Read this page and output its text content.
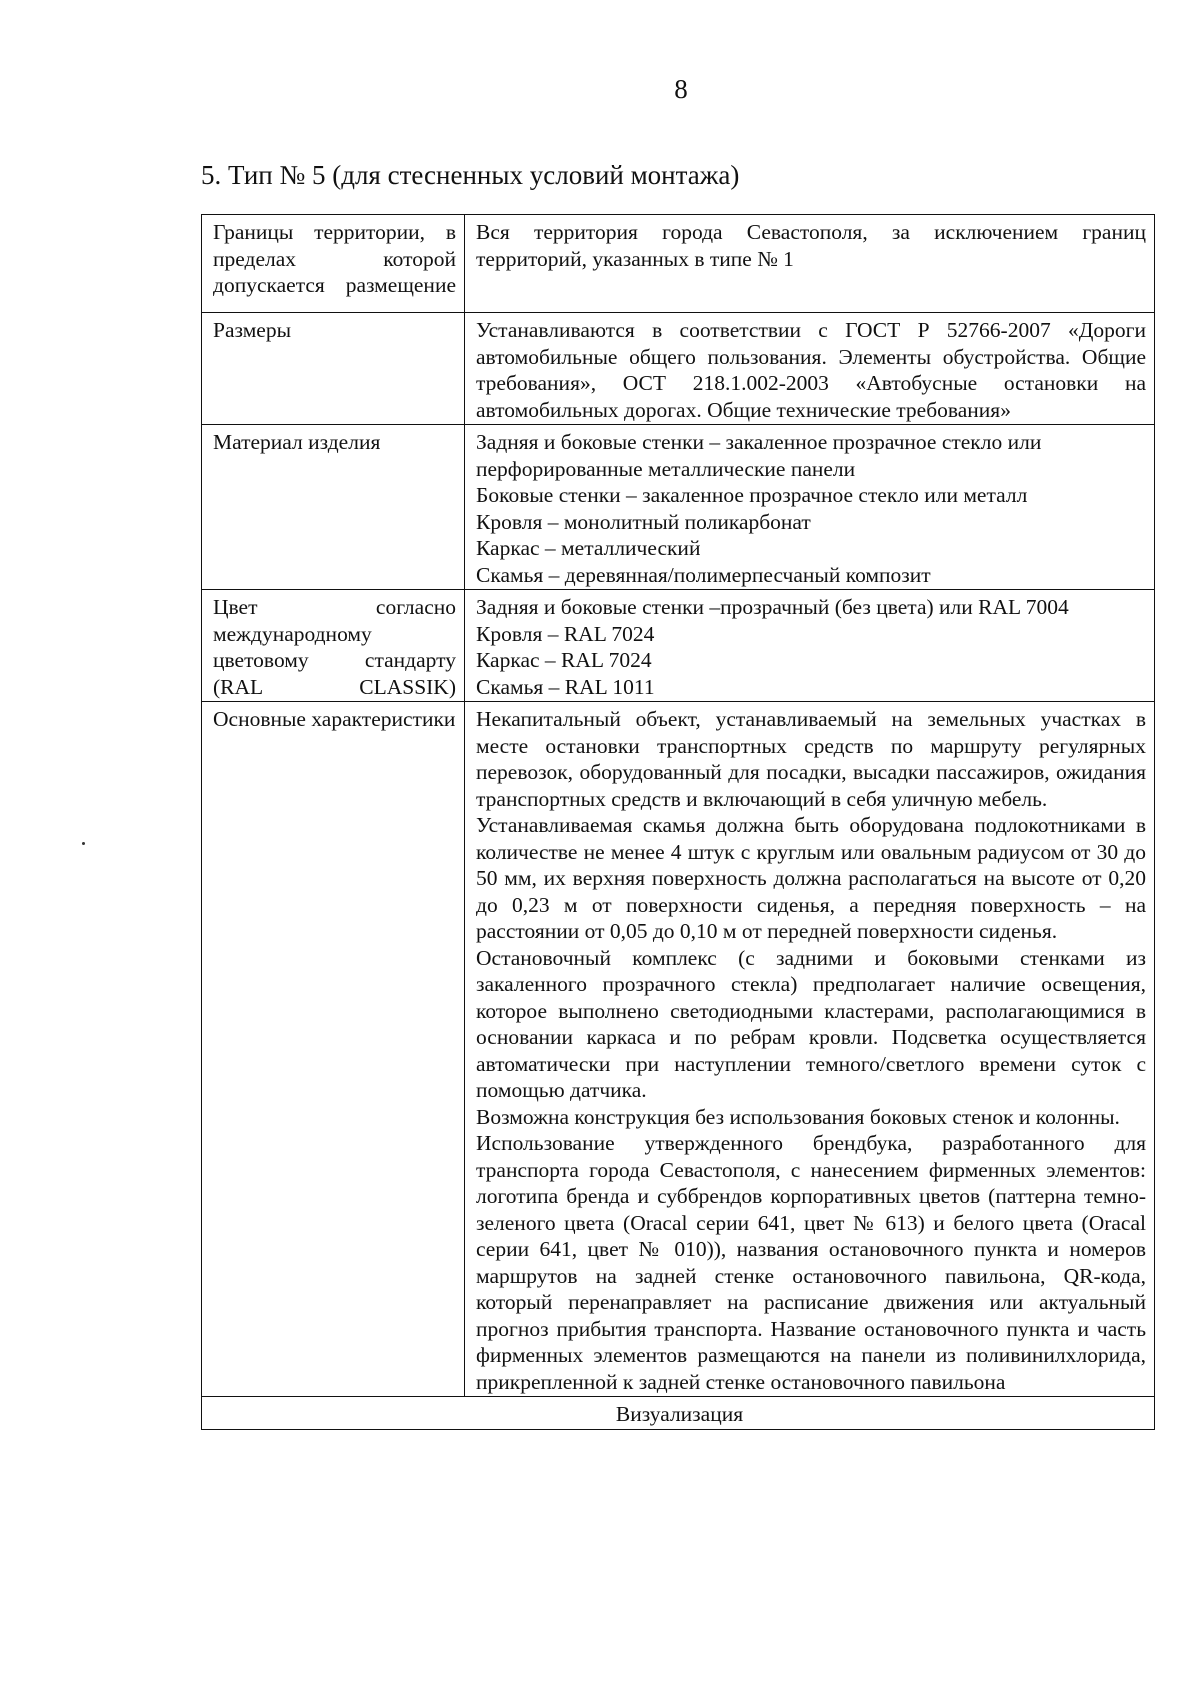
8
5. Тип № 5 (для стесненных условий монтажа)
Границы территории, в пределах которой допускается размещение	Вся территория города Севастополя, за исключением границ территорий, указанных в типе № 1
Размеры	Устанавливаются в соответствии с ГОСТ Р 52766-2007 «Дороги автомобильные общего пользования. Элементы обустройства. Общие требования», ОСТ 218.1.002-2003 «Автобусные остановки на автомобильных дорогах. Общие технические требования»
Материал изделия	Задняя и боковые стенки – закаленное прозрачное стекло или перфорированные металлические панели
Боковые стенки – закаленное прозрачное стекло или металл
Кровля – монолитный поликарбонат
Каркас – металлический
Скамья – деревянная/полимерпесчаный композит

Цвет согласно международному цветовому стандарту (RAL CLASSIK)	Задняя и боковые стенки –прозрачный (без цвета) или RAL 7004
Кровля – RAL 7024
Каркас – RAL 7024
Скамья – RAL 1011

Основные характеристики	Некапитальный объект, устанавливаемый на земельных участках в месте остановки транспортных средств по маршруту регулярных перевозок, оборудованный для посадки, высадки пассажиров, ожидания транспортных средств и включающий в себя уличную мебель.
Устанавливаемая скамья должна быть оборудована подлокотниками в количестве не менее 4 штук с круглым или овальным радиусом от 30 до 50 мм, их верхняя поверхность должна располагаться на высоте от 0,20 до 0,23 м от поверхности сиденья, а передняя поверхность – на расстоянии от 0,05 до 0,10 м от передней поверхности сиденья.
Остановочный комплекс (с задними и боковыми стенками из закаленного прозрачного стекла) предполагает наличие освещения, которое выполнено светодиодными кластерами, располагающимися в основании каркаса и по ребрам кровли. Подсветка осуществляется автоматически при наступлении темного/светлого времени суток с помощью датчика.
Возможна конструкция без использования боковых стенок и колонны.
Использование утвержденного брендбука, разработанного для транспорта города Севастополя, с нанесением фирменных элементов: логотипа бренда и суббрендов корпоративных цветов (паттерна темно-зеленого цвета (Oracal серии 641, цвет № 613) и белого цвета (Oracal серии 641, цвет № 010)), названия остановочного пункта и номеров маршрутов на задней стенке остановочного павильона, QR-кода, который перенаправляет на расписание движения или актуальный прогноз прибытия транспорта. Название остановочного пункта и часть фирменных элементов размещаются на панели из поливинилхлорида, прикрепленной к задней стенке остановочного павильона

Визуализация	
